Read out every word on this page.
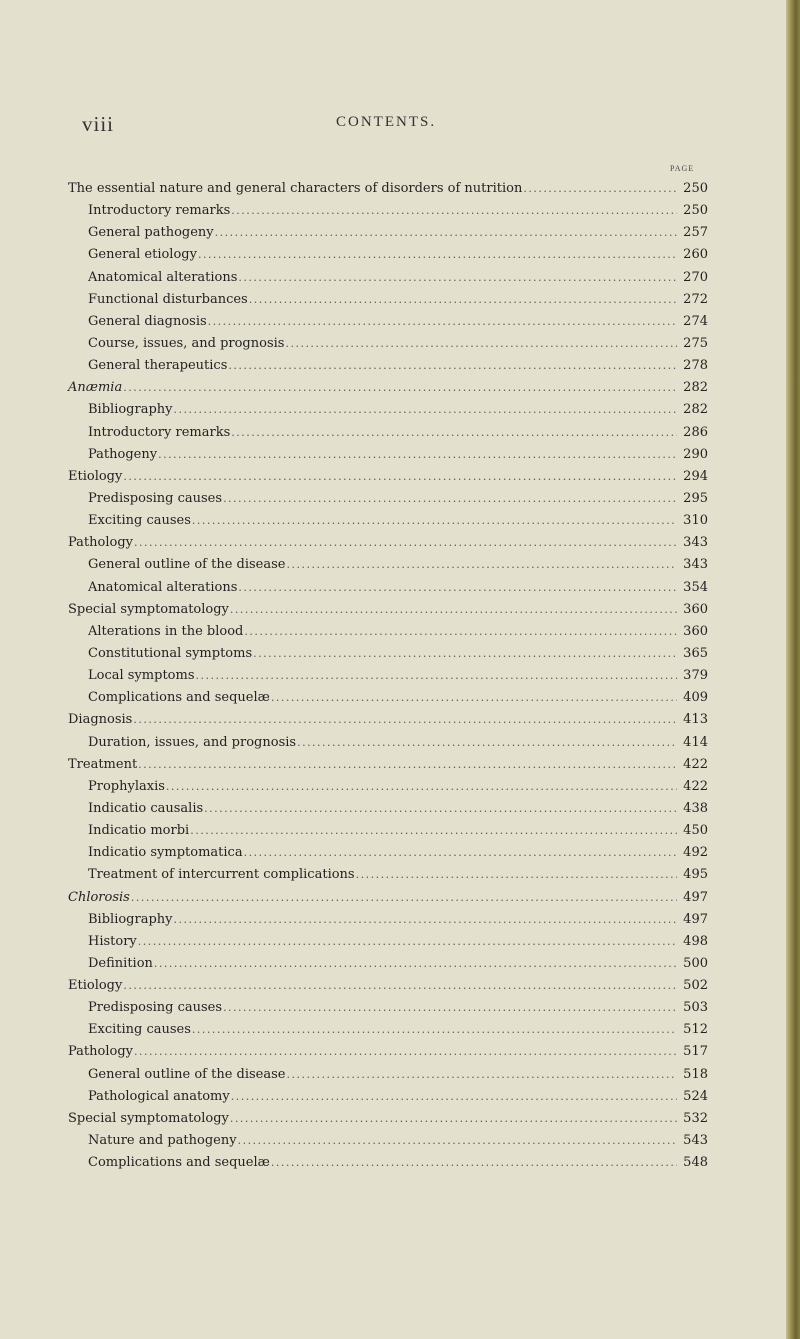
viii	CONTENTS.
PAGE
The essential nature and general characters of disorders of nutrition . . .	250
Introductory remarks . . .	250
General pathogeny . . .	257
General etiology . . .	260
Anatomical alterations . . .	270
Functional disturbances . . .	272
General diagnosis . . .	274
Course, issues, and prognosis . . .	275
General therapeutics . . .	278
Anæmia . . .	282
Bibliography . . .	282
Introductory remarks . . .	286
Pathogeny . . .	290
Etiology . . .	294
Predisposing causes . . .	295
Exciting causes . . .	310
Pathology . . .	343
General outline of the disease . . .	343
Anatomical alterations . . .	354
Special symptomatology . . .	360
Alterations in the blood . . .	360
Constitutional symptoms . . .	365
Local symptoms . . .	379
Complications and sequelæ . . .	409
Diagnosis . . .	413
Duration, issues, and prognosis . . .	414
Treatment . . .	422
Prophylaxis . . .	422
Indicatio causalis . . .	438
Indicatio morbi . . .	450
Indicatio symptomatica . . .	492
Treatment of intercurrent complications . . .	495
Chlorosis . . .	497
Bibliography . . .	497
History . . .	498
Definition . . .	500
Etiology . . .	502
Predisposing causes . . .	503
Exciting causes . . .	512
Pathology . . .	517
General outline of the disease . . .	518
Pathological anatomy . . .	524
Special symptomatology . . .	532
Nature and pathogeny . . .	543
Complications and sequelæ . . .	548
